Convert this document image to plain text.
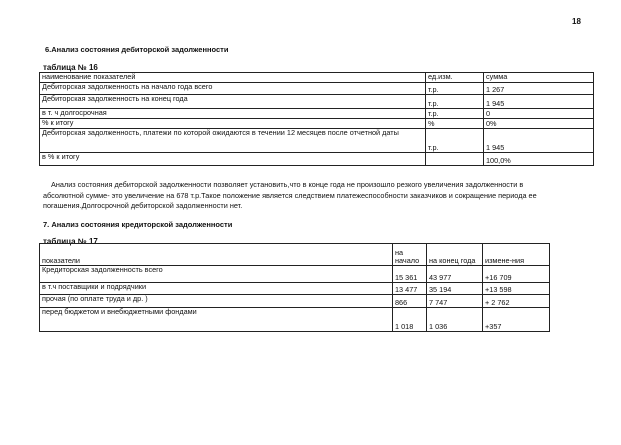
18
6.Анализ состояния дебиторской задолженности
таблица № 16
наименование показателей	ед.изм.	сумма
Дебиторская задолженность на начало года всего	т.р.	1 267
Дебиторская задолженность на конец года	т.р.	1 945
в т. ч долгосрочная	т.р.	0
% к итогу	%	0%
Дебиторская задолженность, платежи по которой ожидаются в течении 12 месяцев после отчетной даты	т.р.	1 945
в % к итогу		100,0%
Анализ состояния дебиторской задолженности позволяет установить,что в конце года не произошло резкого увеличения задолженности в абсолютной сумме- это увеличение на 678 т.р.Такое положение является следствием платежеспособности заказчиков и сокращение периода ее погашения.Долгосрочной дебиторской задолженности нет.
7. Анализ состояния кредиторской задолженности
таблица № 17
показатели	на начало	на конец года	измене-ния
Кредиторская задолженность всего	15 361	43 977	+16 709
в т.ч поставщики и подрядчики	13 477	35 194	+13 598
прочая (по оплате труда и др. )	866	7 747	+ 2 762
перед бюджетом и внебюджетными фондами	1 018	1 036	+357
